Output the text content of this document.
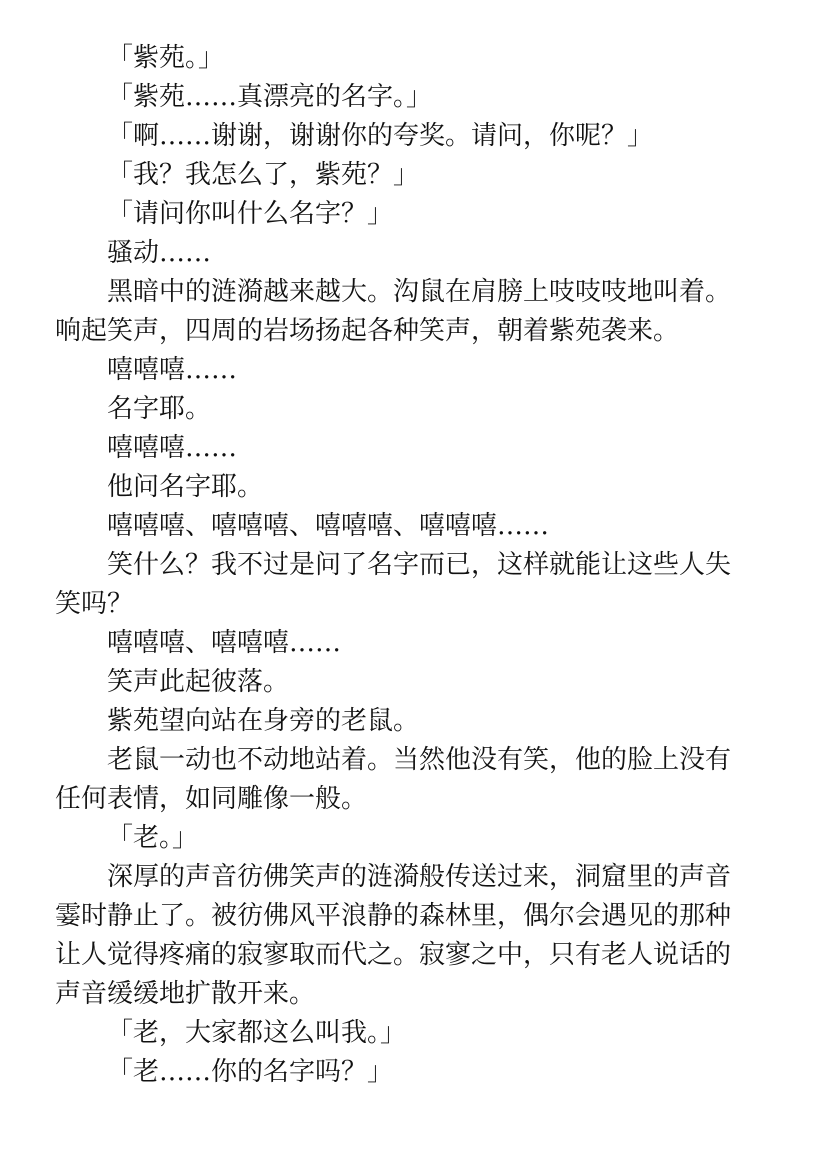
「紫苑。」

「紫苑……真漂亮的名字。」

「啊……谢谢，谢谢你的夸奖。请问，你呢？」

「我？我怎么了，紫苑？」

「请问你叫什么名字？」

骚动……

黑暗中的涟漪越来越大。沟鼠在肩膀上吱吱吱地叫着。响起笑声，四周的岩场扬起各种笑声，朝着紫苑袭来。

嘻嘻嘻……

名字耶。

嘻嘻嘻……

他问名字耶。

嘻嘻嘻、嘻嘻嘻、嘻嘻嘻、嘻嘻嘻……

笑什么？我不过是问了名字而已，这样就能让这些人失笑吗？

嘻嘻嘻、嘻嘻嘻……

笑声此起彼落。

紫苑望向站在身旁的老鼠。

老鼠一动也不动地站着。当然他没有笑，他的脸上没有任何表情，如同雕像一般。

「老。」

深厚的声音彷佛笑声的涟漪般传送过来，洞窟里的声音霎时静止了。被彷佛风平浪静的森林里，偶尔会遇见的那种让人觉得疼痛的寂寥取而代之。寂寥之中，只有老人说话的声音缓缓地扩散开来。

「老，大家都这么叫我。」

「老……你的名字吗？」
